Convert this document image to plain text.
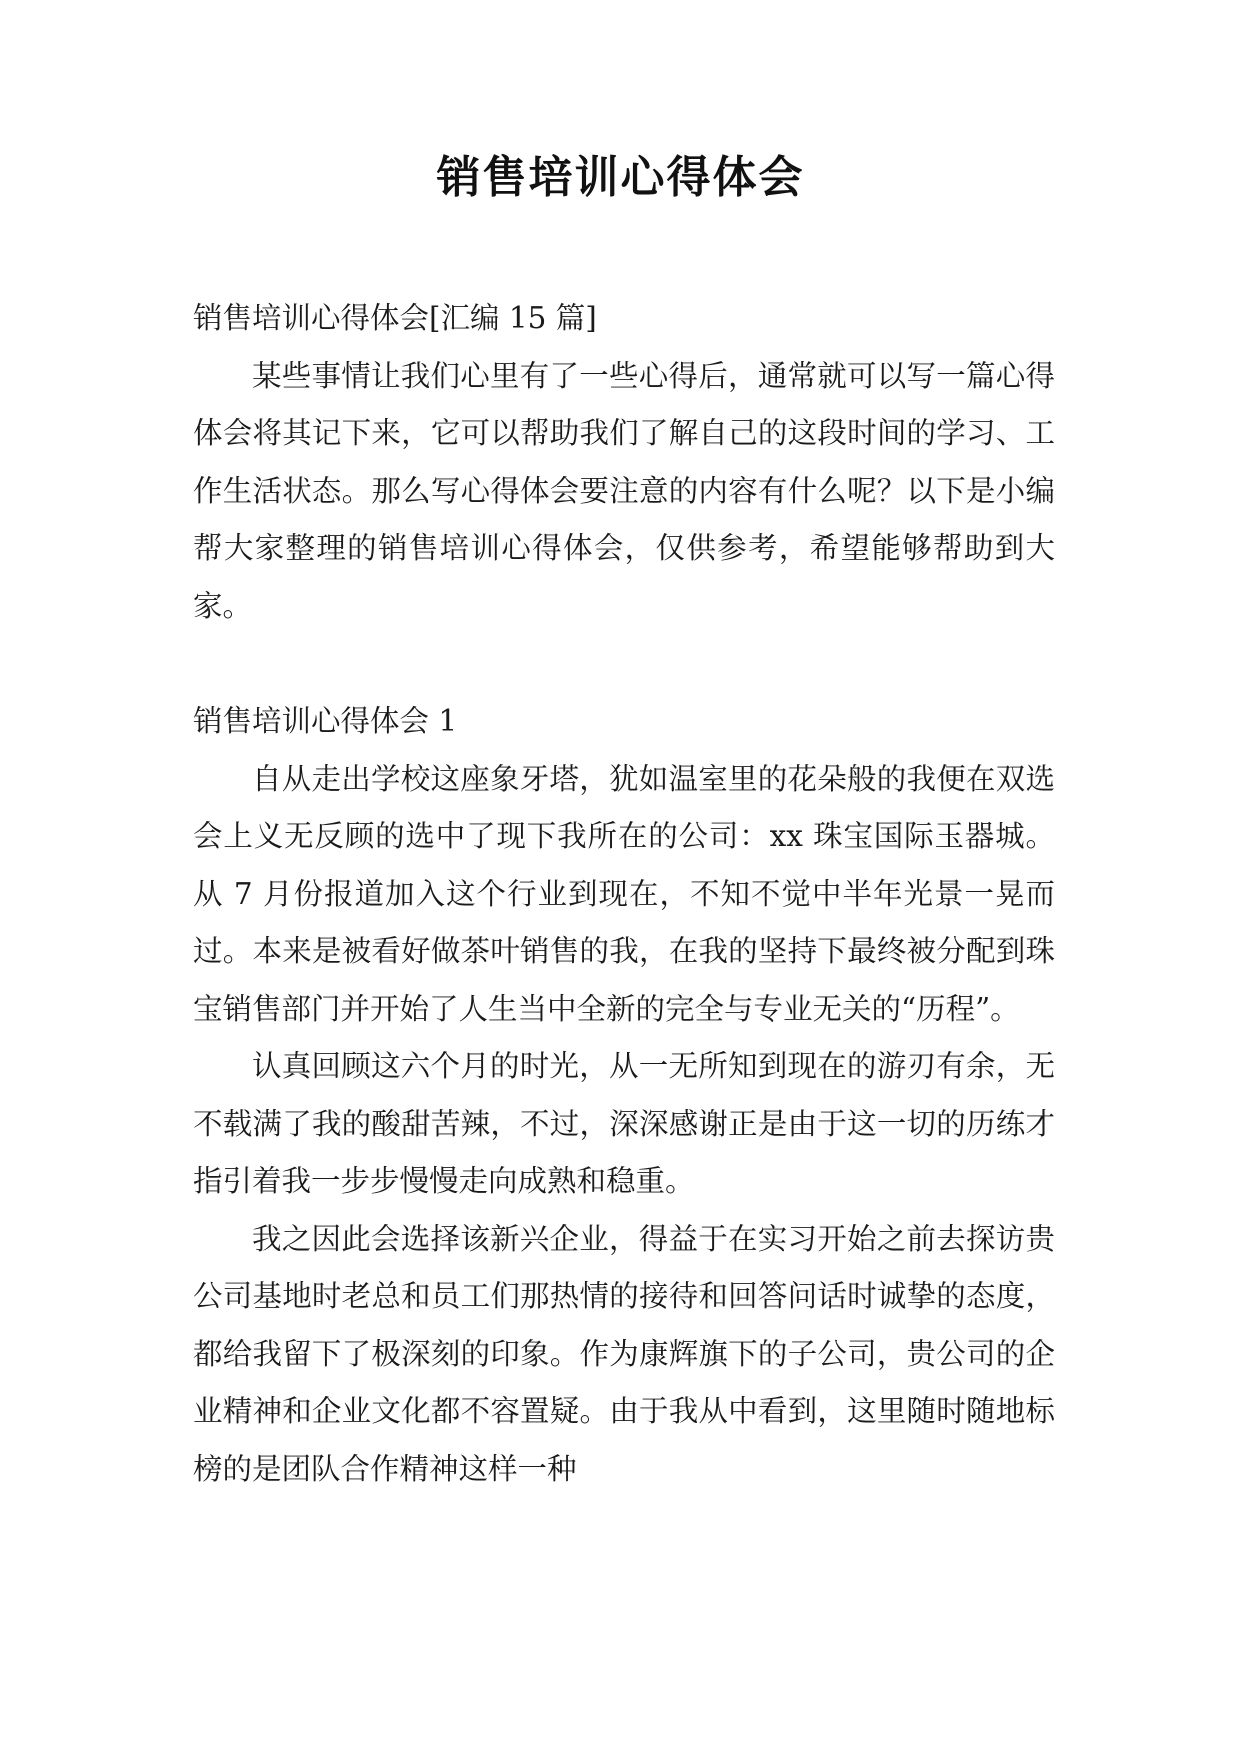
销售培训心得体会

销售培训心得体会[汇编 15 篇]

某些事情让我们心里有了一些心得后，通常就可以写一篇心得体会将其记下来，它可以帮助我们了解自己的这段时间的学习、工作生活状态。那么写心得体会要注意的内容有什么呢？以下是小编帮大家整理的销售培训心得体会，仅供参考，希望能够帮助到大家。

销售培训心得体会 1

自从走出学校这座象牙塔，犹如温室里的花朵般的我便在双选会上义无反顾的选中了现下我所在的公司：xx 珠宝国际玉器城。从 7 月份报道加入这个行业到现在，不知不觉中半年光景一晃而过。本来是被看好做茶叶销售的我，在我的坚持下最终被分配到珠宝销售部门并开始了人生当中全新的完全与专业无关的“历程”。

认真回顾这六个月的时光，从一无所知到现在的游刃有余，无不载满了我的酸甜苦辣，不过，深深感谢正是由于这一切的历练才指引着我一步步慢慢走向成熟和稳重。

我之因此会选择该新兴企业，得益于在实习开始之前去探访贵公司基地时老总和员工们那热情的接待和回答问话时诚挚的态度，都给我留下了极深刻的印象。作为康辉旗下的子公司，贵公司的企业精神和企业文化都不容置疑。由于我从中看到，这里随时随地标榜的是团队合作精神这样一种
